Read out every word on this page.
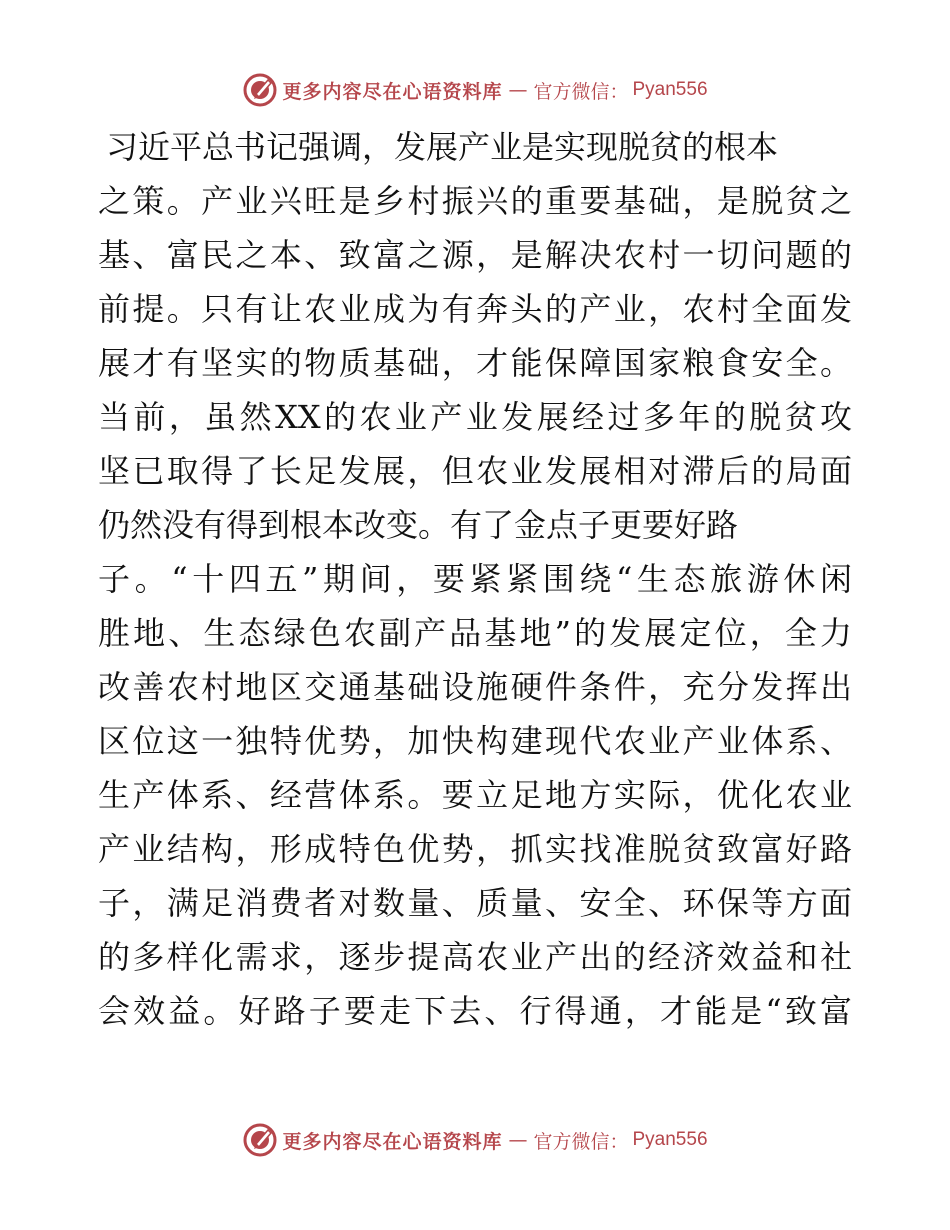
更多内容尽在心语资料库 — 官方微信： Pyan556
习近平总书记强调，发展产业是实现脱贫的根本
之策。产业兴旺是乡村振兴的重要基础，是脱贫之
基、富民之本、致富之源，是解决农村一切问题的
前提。只有让农业成为有奔头的产业，农村全面发
展才有坚实的物质基础，才能保障国家粮食安全。
当前，虽然XX的农业产业发展经过多年的脱贫攻
坚已取得了长足发展，但农业发展相对滞后的局面
仍然没有得到根本改变。有了金点子更要好路
子。“十四五”期间，要紧紧围绕“生态旅游休闲
胜地、生态绿色农副产品基地”的发展定位，全力
改善农村地区交通基础设施硬件条件，充分发挥出
区位这一独特优势，加快构建现代农业产业体系、
生产体系、经营体系。要立足地方实际，优化农业
产业结构，形成特色优势，抓实找准脱贫致富好路
子，满足消费者对数量、质量、安全、环保等方面
的多样化需求，逐步提高农业产出的经济效益和社
会效益。好路子要走下去、行得通，才能是“致富
更多内容尽在心语资料库 — 官方微信： Pyan556
